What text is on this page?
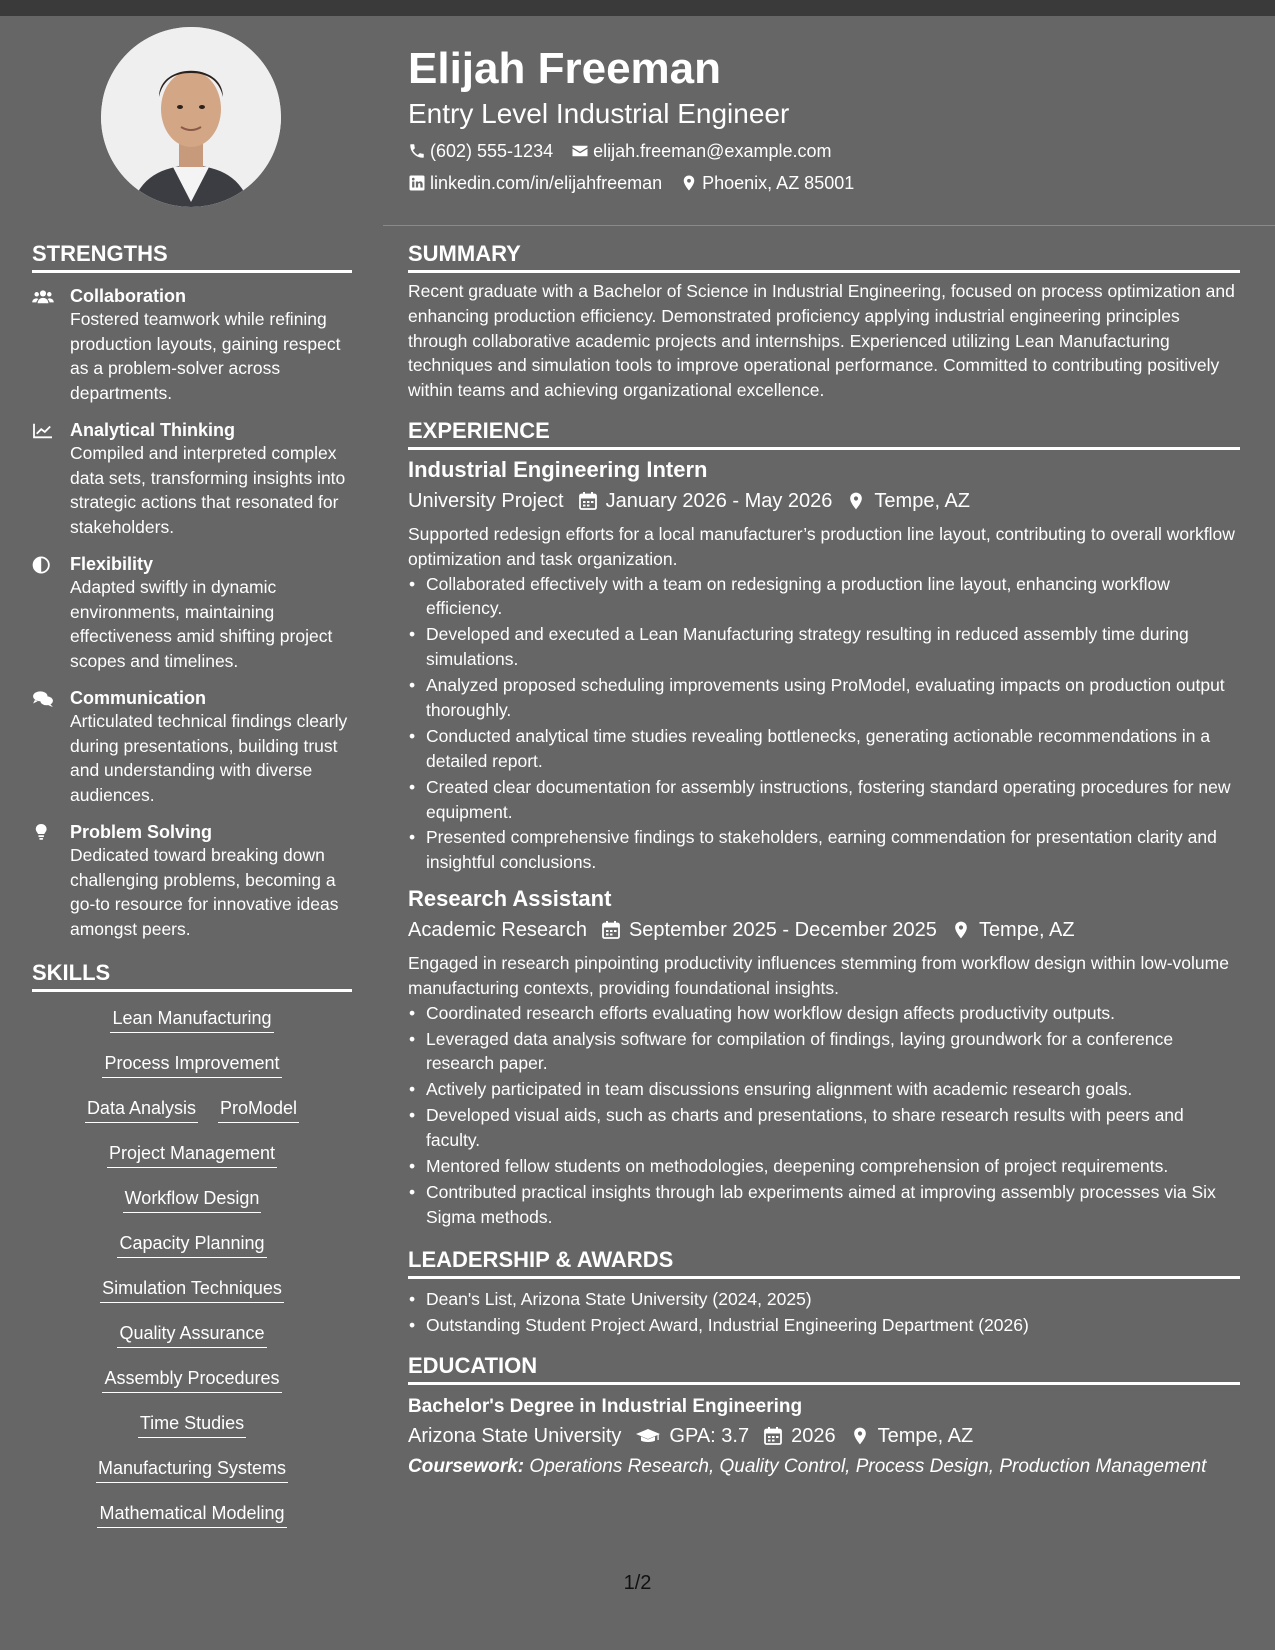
Elijah Freeman
Entry Level Industrial Engineer
(602) 555-1234 elijah.freeman@example.com
linkedin.com/in/elijahfreeman Phoenix, AZ 85001
STRENGTHS
Collaboration
Fostered teamwork while refining production layouts, gaining respect as a problem-solver across departments.
Analytical Thinking
Compiled and interpreted complex data sets, transforming insights into strategic actions that resonated for stakeholders.
Flexibility
Adapted swiftly in dynamic environments, maintaining effectiveness amid shifting project scopes and timelines.
Communication
Articulated technical findings clearly during presentations, building trust and understanding with diverse audiences.
Problem Solving
Dedicated toward breaking down challenging problems, becoming a go-to resource for innovative ideas amongst peers.
SKILLS
Lean Manufacturing
Process Improvement
Data Analysis ProModel
Project Management
Workflow Design
Capacity Planning
Simulation Techniques
Quality Assurance
Assembly Procedures
Time Studies
Manufacturing Systems
Mathematical Modeling
SUMMARY

Recent graduate with a Bachelor of Science in Industrial Engineering, focused on process optimization and enhancing production efficiency. Demonstrated proficiency applying industrial engineering principles through collaborative academic projects and internships. Experienced utilizing Lean Manufacturing techniques and simulation tools to improve operational performance. Committed to contributing positively within teams and achieving organizational excellence.

EXPERIENCE
Industrial Engineering Intern
University Project January 2026 - May 2026 Tempe, AZ

Supported redesign efforts for a local manufacturer’s production line layout, contributing to overall workflow optimization and task organization.

• Collaborated effectively with a team on redesigning a production line layout, enhancing workflow efficiency.
• Developed and executed a Lean Manufacturing strategy resulting in reduced assembly time during simulations.
• Analyzed proposed scheduling improvements using ProModel, evaluating impacts on production output thoroughly.
• Conducted analytical time studies revealing bottlenecks, generating actionable recommendations in a detailed report.
• Created clear documentation for assembly instructions, fostering standard operating procedures for new equipment.
• Presented comprehensive findings to stakeholders, earning commendation for presentation clarity and insightful conclusions.
Research Assistant
Academic Research September 2025 - December 2025 Tempe, AZ

Engaged in research pinpointing productivity influences stemming from workflow design within low-volume manufacturing contexts, providing foundational insights.

• Coordinated research efforts evaluating how workflow design affects productivity outputs.
• Leveraged data analysis software for compilation of findings, laying groundwork for a conference research paper.
• Actively participated in team discussions ensuring alignment with academic research goals.
• Developed visual aids, such as charts and presentations, to share research results with peers and faculty.
• Mentored fellow students on methodologies, deepening comprehension of project requirements.
• Contributed practical insights through lab experiments aimed at improving assembly processes via Six Sigma methods.
LEADERSHIP & AWARDS
• Dean's List, Arizona State University (2024, 2025)
• Outstanding Student Project Award, Industrial Engineering Department (2026)
EDUCATION
Bachelor's Degree in Industrial Engineering
Arizona State University GPA: 3.7 2026 Tempe, AZ
Coursework: Operations Research, Quality Control, Process Design, Production Management
1/2
